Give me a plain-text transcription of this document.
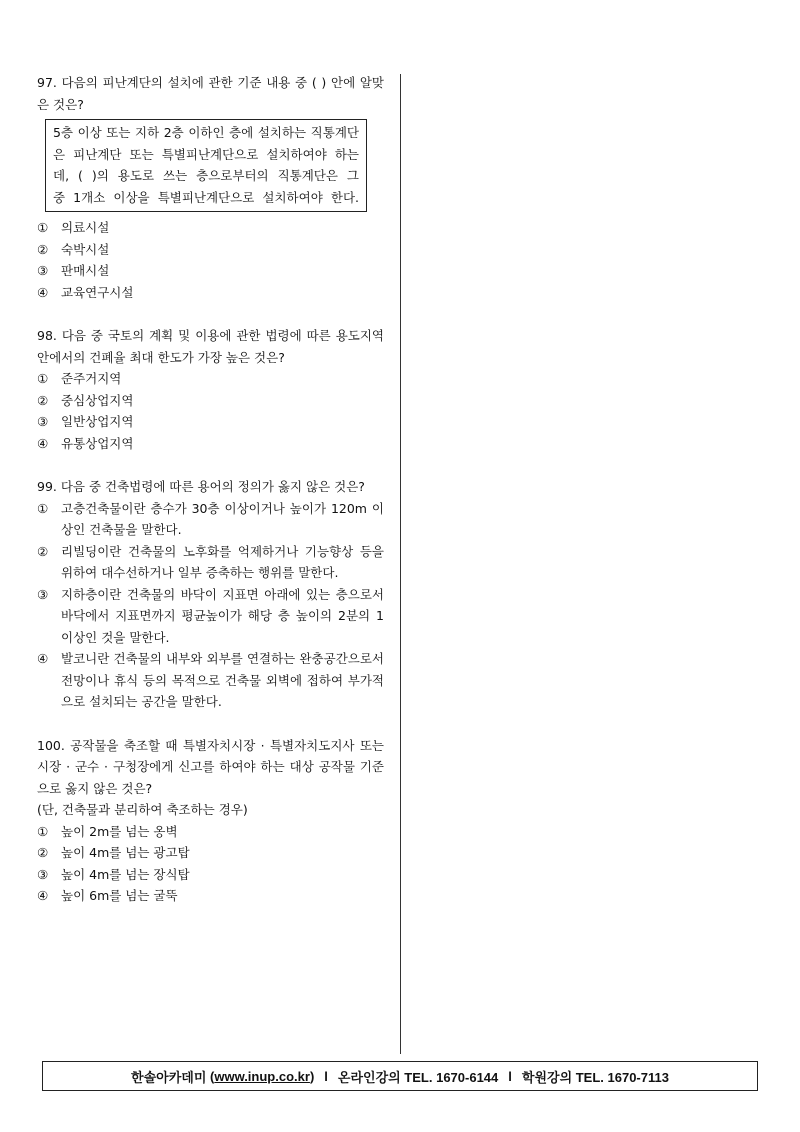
97. 다음의 피난계단의 설치에 관한 기준 내용 중 ( ) 안에 알맞은 것은?

5층 이상 또는 지하 2층 이하인 층에 설치하는 직통계단
은 피난계단 또는 특별피난계단으로 설치하여야 하는
데, ( )의 용도로 쓰는 층으로부터의 직통계단은 그
중 1개소 이상을 특별피난계단으로 설치하여야 한다.

① 의료시설

② 숙박시설

③ 판매시설

④ 교육연구시설

98. 다음 중 국토의 계획 및 이용에 관한 법령에 따른 용도지역안에서의 건폐율 최대 한도가 가장 높은 것은?

① 준주거지역

② 중심상업지역

③ 일반상업지역

④ 유통상업지역

99. 다음 중 건축법령에 따른 용어의 정의가 옳지 않은 것은?

① 고층건축물이란 층수가 30층 이상이거나 높이가 120m 이상인 건축물을 말한다.

② 리빌딩이란 건축물의 노후화를 억제하거나 기능향상 등을 위하여 대수선하거나 일부 증축하는 행위를 말한다.

③ 지하층이란 건축물의 바닥이 지표면 아래에 있는 층으로서 바닥에서 지표면까지 평균높이가 해당 층 높이의 2분의 1 이상인 것을 말한다.

④ 발코니란 건축물의 내부와 외부를 연결하는 완충공간으로서 전망이나 휴식 등의 목적으로 건축물 외벽에 접하여 부가적으로 설치되는 공간을 말한다.

100. 공작물을 축조할 때 특별자치시장 · 특별자치도지사 또는 시장 · 군수 · 구청장에게 신고를 하여야 하는 대상 공작물 기준으로 옳지 않은 것은?

(단, 건축물과 분리하여 축조하는 경우)

① 높이 2m를 넘는 옹벽

② 높이 4m를 넘는 광고탑

③ 높이 4m를 넘는 장식탑

④ 높이 6m를 넘는 굴뚝

한솔아카데미 ( www.inup.co.kr ) l 온라인강의 TEL. 1670-6144 l 학원강의 TEL. 1670-7113
